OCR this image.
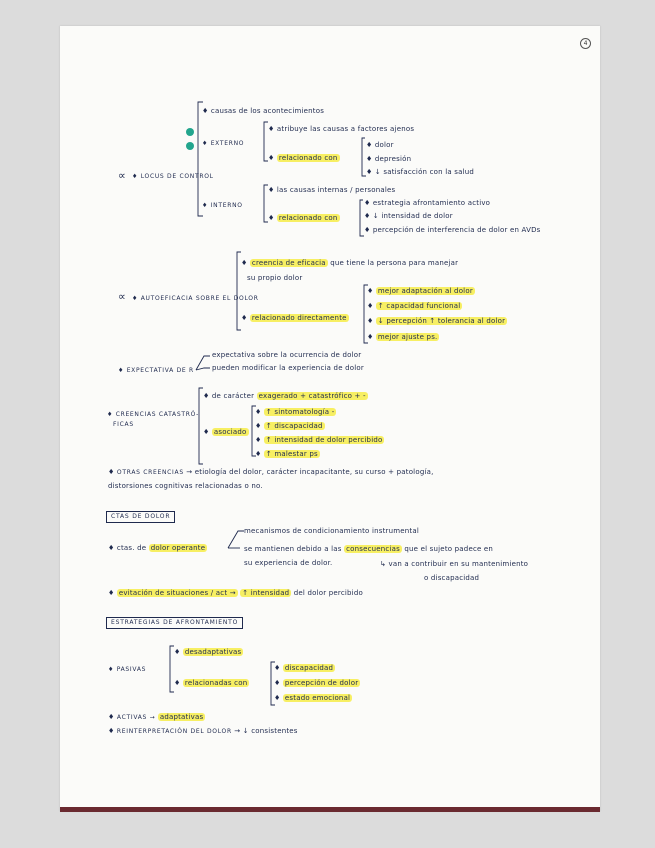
4
∝ ♦ LOCUS DE CONTROL
♦ causas de los acontecimientos
♦ EXTERNO
♦ atribuye las causas a factores ajenos
♦ relacionado con
♦ dolor
♦ depresión
♦ ↓ satisfacción con la salud
♦ INTERNO
♦ las causas internas / personales
♦ relacionado con
♦ estrategia afrontamiento activo
♦ ↓ intensidad de dolor
♦ percepción de interferencia de dolor en AVDs
∝ ♦ AUTOEFICACIA SOBRE EL DOLOR
♦ creencia de eficacia que tiene la persona para manejar
su propio dolor
♦ relacionado directamente
♦ mejor adaptación al dolor
♦ ↑ capacidad funcional
♦ ↓ percepción ↑ tolerancia al dolor
♦ mejor ajuste ps.
♦ EXPECTATIVA DE R
expectativa sobre la ocurrencia de dolor
pueden modificar la experiencia de dolor
♦ CREENCIAS CATASTRÓ-
FICAS
♦ de carácter exagerado + catastrófico + -
♦ asociado
♦ ↑ sintomatología -
♦ ↑ discapacidad
♦ ↑ intensidad de dolor percibido
♦ ↑ malestar ps
♦ OTRAS CREENCIAS → etiología del dolor, carácter incapacitante, su curso + patología,
distorsiones cognitivas relacionadas o no.
CTAS DE DOLOR
♦ ctas. de dolor operante
mecanismos de condicionamiento instrumental
se mantienen debido a las consecuencias que el sujeto padece en
su experiencia de dolor.	↳ van a contribuir en su mantenimiento
o discapacidad
♦ evitación de situaciones / act → ↑ intensidad del dolor percibido
ESTRATEGIAS DE AFRONTAMIENTO
♦ PASIVAS
♦ desadaptativas
♦ relacionadas con
♦ discapacidad
♦ percepción de dolor
♦ estado emocional
♦ ACTIVAS → adaptativas
♦ REINTERPRETACIÓN DEL DOLOR → ↓ consistentes
